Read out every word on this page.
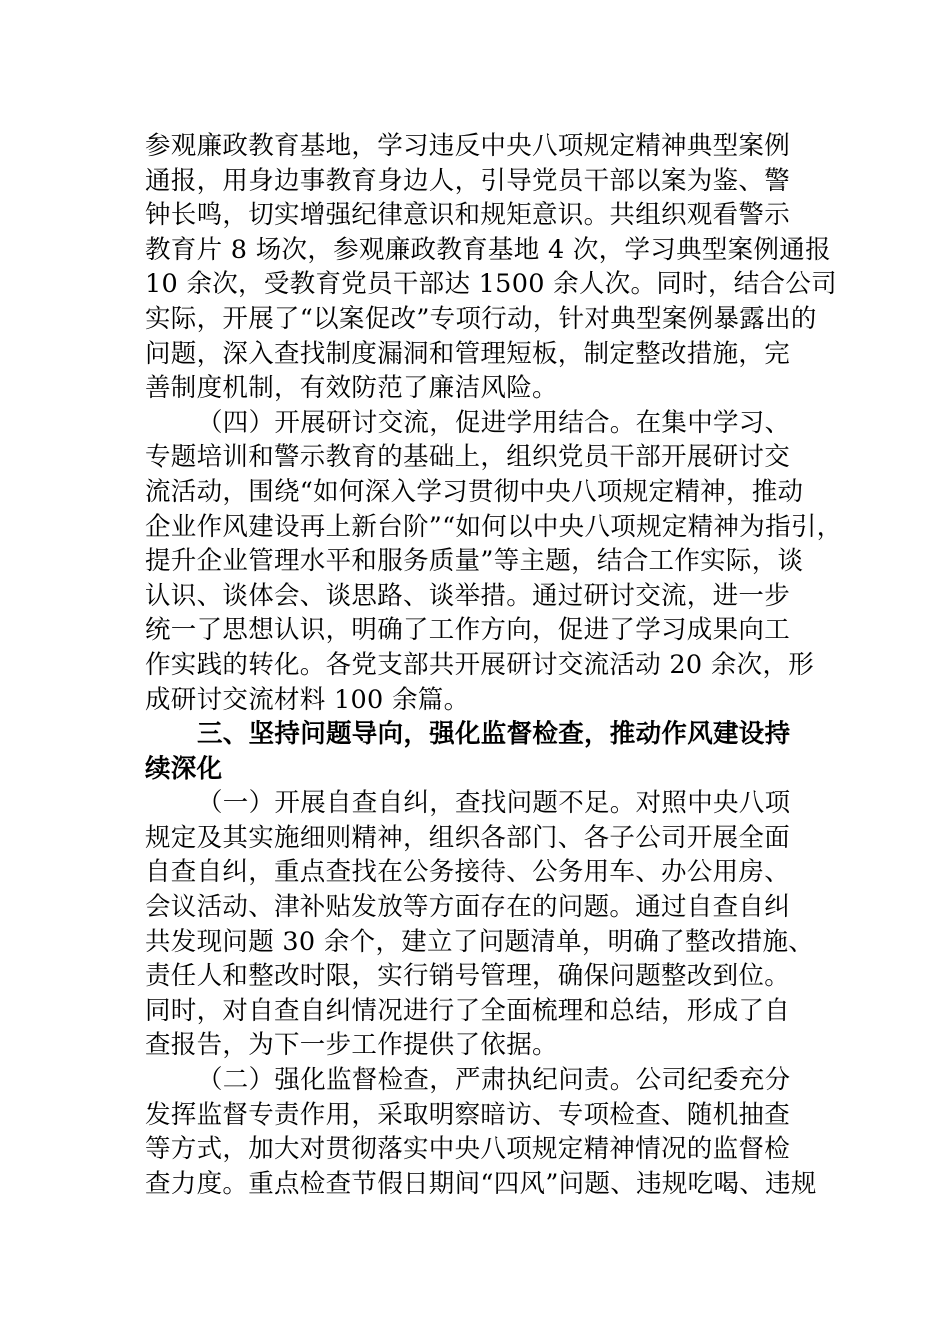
参观廉政教育基地，学习违反中央八项规定精神典型案例
通报，用身边事教育身边人，引导党员干部以案为鉴、警
钟长鸣，切实增强纪律意识和规矩意识。共组织观看警示
教育片 8 场次，参观廉政教育基地 4 次，学习典型案例通报
10 余次，受教育党员干部达 1500 余人次。同时，结合公司
实际，开展了“以案促改”专项行动，针对典型案例暴露出的
问题，深入查找制度漏洞和管理短板，制定整改措施，完
善制度机制，有效防范了廉洁风险。
（四）开展研讨交流，促进学用结合。在集中学习、
专题培训和警示教育的基础上，组织党员干部开展研讨交
流活动，围绕“如何深入学习贯彻中央八项规定精神，推动
企业作风建设再上新台阶”“如何以中央八项规定精神为指引，
提升企业管理水平和服务质量”等主题，结合工作实际，谈
认识、谈体会、谈思路、谈举措。通过研讨交流，进一步
统一了思想认识，明确了工作方向，促进了学习成果向工
作实践的转化。各党支部共开展研讨交流活动 20 余次，形
成研讨交流材料 100 余篇。
三、坚持问题导向，强化监督检查，推动作风建设持
续深化
（一）开展自查自纠，查找问题不足。对照中央八项
规定及其实施细则精神，组织各部门、各子公司开展全面
自查自纠，重点查找在公务接待、公务用车、办公用房、
会议活动、津补贴发放等方面存在的问题。通过自查自纠
共发现问题 30 余个，建立了问题清单，明确了整改措施、
责任人和整改时限，实行销号管理，确保问题整改到位。
同时，对自查自纠情况进行了全面梳理和总结，形成了自
查报告，为下一步工作提供了依据。
（二）强化监督检查，严肃执纪问责。公司纪委充分
发挥监督专责作用，采取明察暗访、专项检查、随机抽查
等方式，加大对贯彻落实中央八项规定精神情况的监督检
查力度。重点检查节假日期间“四风”问题、违规吃喝、违规
